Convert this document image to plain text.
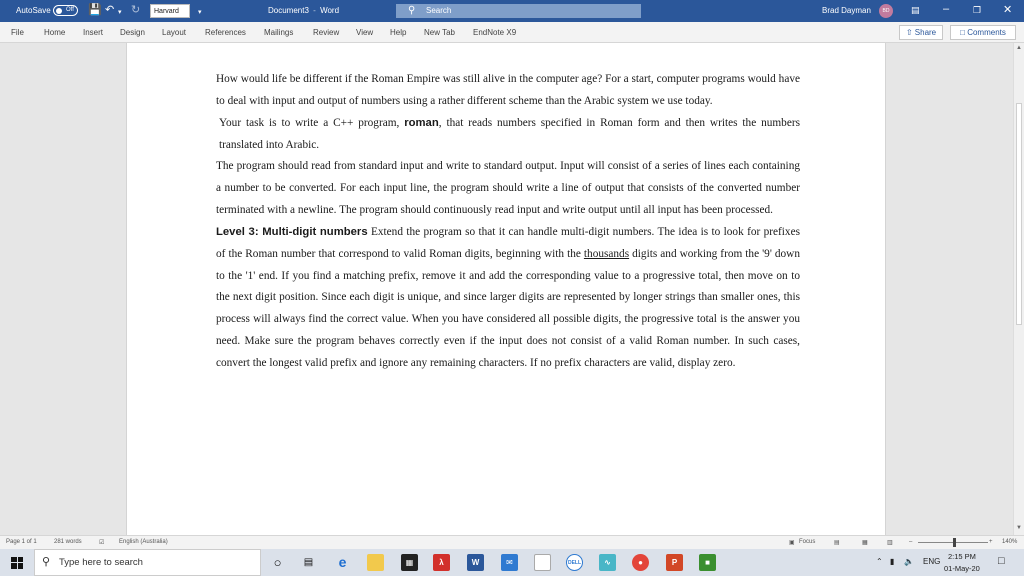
AutoSave	Off	💾 ↶ ▾ ↻	Harvard	▾	Document3 - Word	⚲ Search	Brad Dayman	BD	▤ –	❐ ✕
File	Home Insert Design Layout References Mailings Review View Help New Tab EndNote X9	⇧ Share	□ Comments

How would life be different if the Roman Empire was still alive in the computer age? For a start, computer programs would have to deal with input and output of numbers using a rather different scheme than the Arabic system we use today.

Your task is to write a C++ program, roman, that reads numbers specified in Roman form and then writes the numbers translated into Arabic.

The program should read from standard input and write to standard output. Input will consist of a series of lines each containing a number to be converted. For each input line, the program should write a line of output that consists of the converted number terminated with a newline. The program should continuously read input and write output until all input has been processed.

Level 3: Multi-digit numbers Extend the program so that it can handle multi-digit numbers. The idea is to look for prefixes of the Roman number that correspond to valid Roman digits, beginning with the thousands digits and working from the '9' down to the '1' end. If you find a matching prefix, remove it and add the corresponding value to a progressive total, then move on to the next digit position. Since each digit is unique, and since larger digits are represented by longer strings than smaller ones, this process will always find the correct value. When you have considered all possible digits, the progressive total is the answer you need. Make sure the program behaves correctly even if the input does not consist of a valid Roman number. In such cases, convert the longest valid prefix and ignore any remaining characters. If no prefix characters are valid, display zero.

▲
▼
Page 1 of 1	281 words	☑ English (Australia)	▣ Focus	▤	▦	▥	–	+ 140%
⚲ Type here to search	○	▤	e	▦	λ	W	✉	DELL	∿	●	P	■	⌃ ▮ 🔈 ENG
2:15 PM
01-May-20
□
